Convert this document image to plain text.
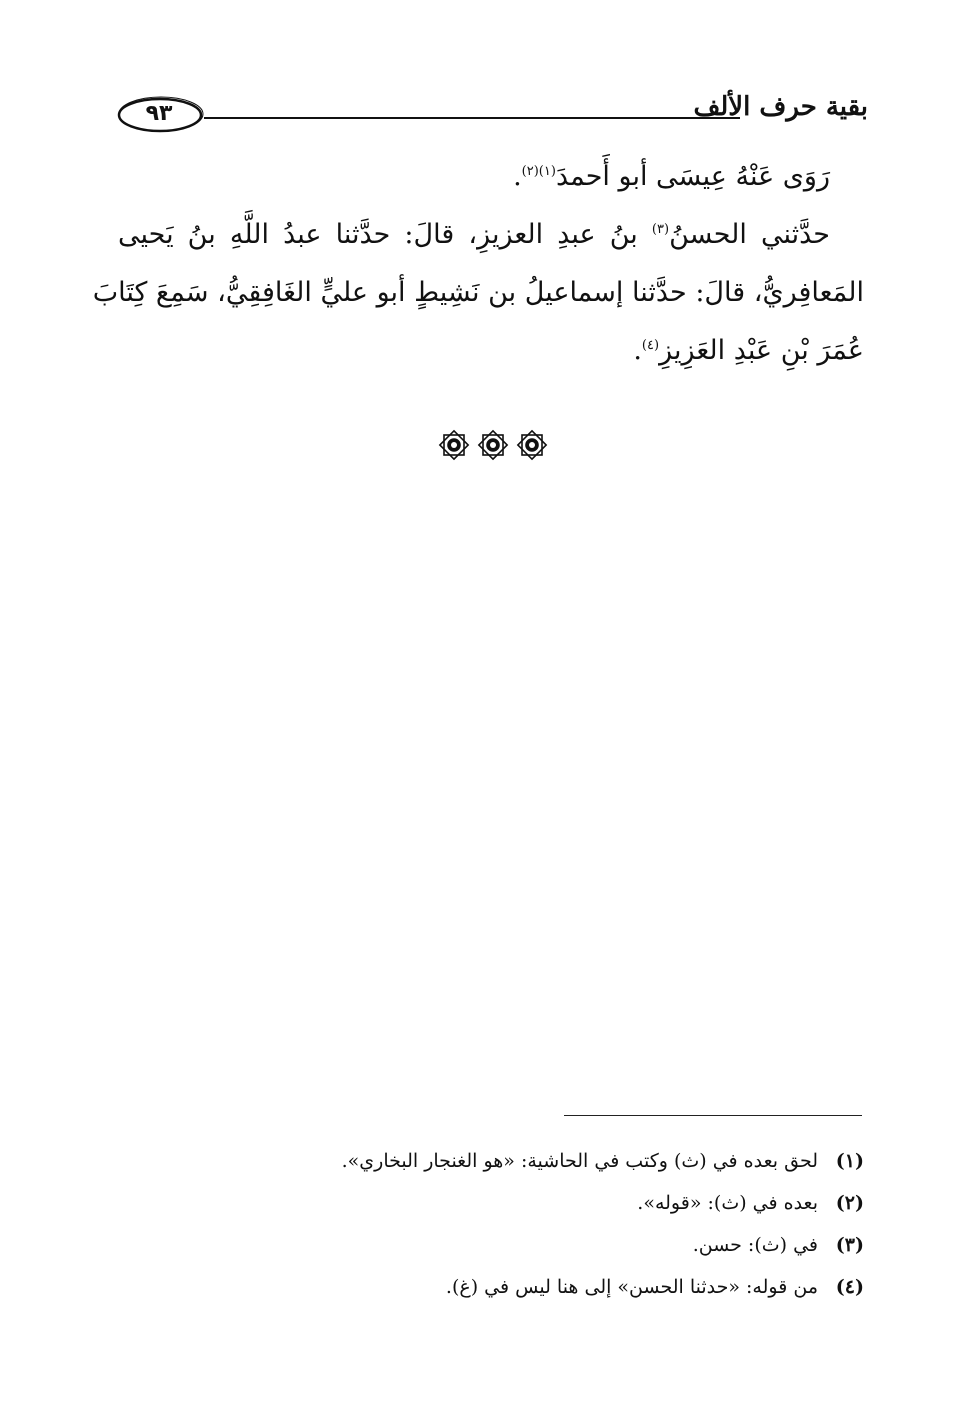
٩٣	بقية حرف الألف

رَوَى عَنْهُ عِيسَى أبو أَحمدَ$^{(١)(٢)}$.

حدَّثني الحسنُ$^{(٣)}$ بنُ عبدِ العزيزِ، قالَ: حدَّثنا عبدُ اللَّهِ بنُ يَحيى
المَعافِريُّ، قالَ: حدَّثنا إسماعيلُ بن نَشِيطٍ أبو عليٍّ الغَافِقِيُّ، سَمِعَ كِتَابَ
عُمَرَ بْنِ عَبْدِ العَزِيزِ$^{(٤)}$.

(١)
لحق بعده في (ث) وكتب في الحاشية: «هو الغنجار البخاري».
(٢)
بعده في (ث): «قوله».
(٣)
في (ث): حسن.
(٤)
من قوله: «حدثنا الحسن» إلى هنا ليس في (غ).
